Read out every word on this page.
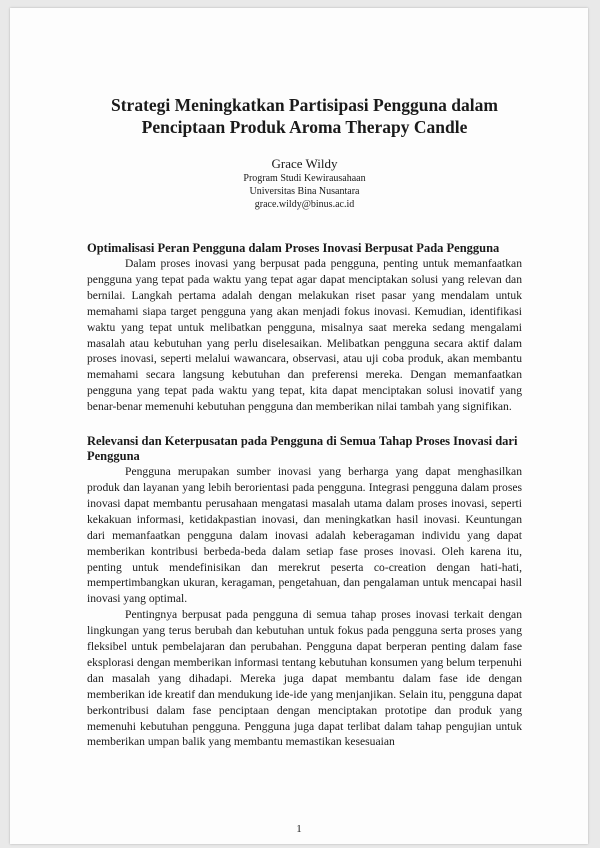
Strategi Meningkatkan Partisipasi Pengguna dalam
Penciptaan Produk Aroma Therapy Candle
Grace Wildy
Program Studi Kewirausahaan
Universitas Bina Nusantara
grace.wildy@binus.ac.id
Optimalisasi Peran Pengguna dalam Proses Inovasi Berpusat Pada Pengguna

Dalam proses inovasi yang berpusat pada pengguna, penting untuk memanfaatkan pengguna yang tepat pada waktu yang tepat agar dapat menciptakan solusi yang relevan dan bernilai. Langkah pertama adalah dengan melakukan riset pasar yang mendalam untuk memahami siapa target pengguna yang akan menjadi fokus inovasi. Kemudian, identifikasi waktu yang tepat untuk melibatkan pengguna, misalnya saat mereka sedang mengalami masalah atau kebutuhan yang perlu diselesaikan. Melibatkan pengguna secara aktif dalam proses inovasi, seperti melalui wawancara, observasi, atau uji coba produk, akan membantu memahami secara langsung kebutuhan dan preferensi mereka. Dengan memanfaatkan pengguna yang tepat pada waktu yang tepat, kita dapat menciptakan solusi inovatif yang benar-benar memenuhi kebutuhan pengguna dan memberikan nilai tambah yang signifikan.

Relevansi dan Keterpusatan pada Pengguna di Semua Tahap Proses Inovasi dari Pengguna

Pengguna merupakan sumber inovasi yang berharga yang dapat menghasilkan produk dan layanan yang lebih berorientasi pada pengguna. Integrasi pengguna dalam proses inovasi dapat membantu perusahaan mengatasi masalah utama dalam proses inovasi, seperti kekakuan informasi, ketidakpastian inovasi, dan meningkatkan hasil inovasi. Keuntungan dari memanfaatkan pengguna dalam inovasi adalah keberagaman individu yang dapat memberikan kontribusi berbeda-beda dalam setiap fase proses inovasi. Oleh karena itu, penting untuk mendefinisikan dan merekrut peserta co-creation dengan hati-hati, mempertimbangkan ukuran, keragaman, pengetahuan, dan pengalaman untuk mencapai hasil inovasi yang optimal.

Pentingnya berpusat pada pengguna di semua tahap proses inovasi terkait dengan lingkungan yang terus berubah dan kebutuhan untuk fokus pada pengguna serta proses yang fleksibel untuk pembelajaran dan perubahan. Pengguna dapat berperan penting dalam fase eksplorasi dengan memberikan informasi tentang kebutuhan konsumen yang belum terpenuhi dan masalah yang dihadapi. Mereka juga dapat membantu dalam fase ide dengan memberikan ide kreatif dan mendukung ide-ide yang menjanjikan. Selain itu, pengguna dapat berkontribusi dalam fase penciptaan dengan menciptakan prototipe dan produk yang memenuhi kebutuhan pengguna. Pengguna juga dapat terlibat dalam tahap pengujian untuk memberikan umpan balik yang membantu memastikan kesesuaian

1
